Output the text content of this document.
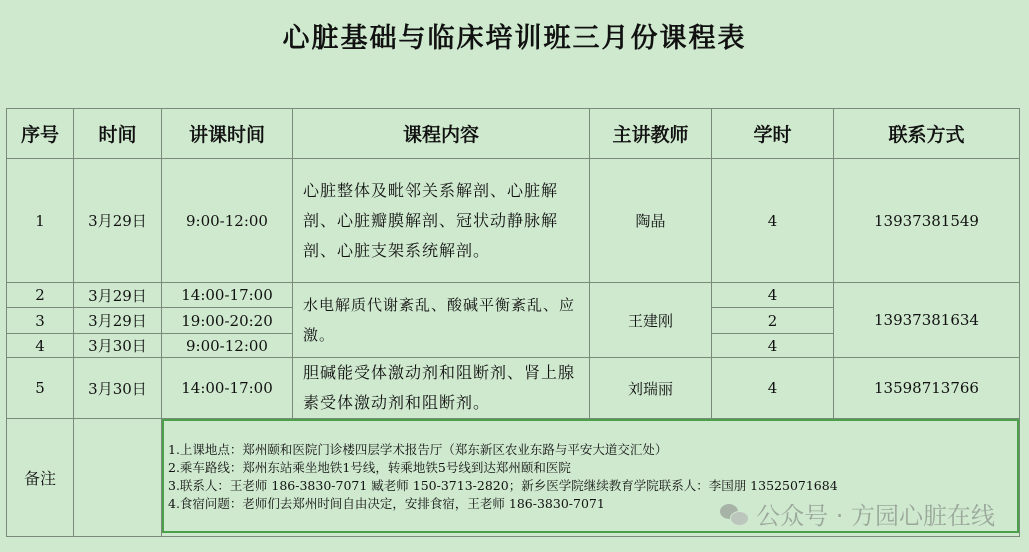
心脏基础与临床培训班三月份课程表
序号	时间	讲课时间	课程内容	主讲教师	学时	联系方式
1	3月29日	9:00-12:00	心脏整体及毗邻关系解剖、心脏解剖、心脏瓣膜解剖、冠状动静脉解剖、心脏支架系统解剖。	陶晶	4	13937381549
2	3月29日	14:00-17:00	水电解质代谢紊乱、酸碱平衡紊乱、应激。	王建刚	4	13937381634
3	3月29日	19:00-20:20			2	
4	3月30日	9:00-12:00			4	
5	3月30日	14:00-17:00	胆碱能受体激动剂和阻断剂、肾上腺素受体激动剂和阻断剂。	刘瑞丽	4	13598713766
备注		1.上课地点：郑州颐和医院门诊楼四层学术报告厅（郑东新区农业东路与平安大道交汇处）
2.乘车路线：郑州东站乘坐地铁1号线，转乘地铁5号线到达郑州颐和医院
3.联系人：王老师 186-3830-7071 臧老师 150-3713-2820；新乡医学院继续教育学院联系人：李国朋 13525071684
4.食宿问题：老师们去郑州时间自由决定，安排食宿，王老师 186-3830-7071					公众号 · 方园心脏在线
